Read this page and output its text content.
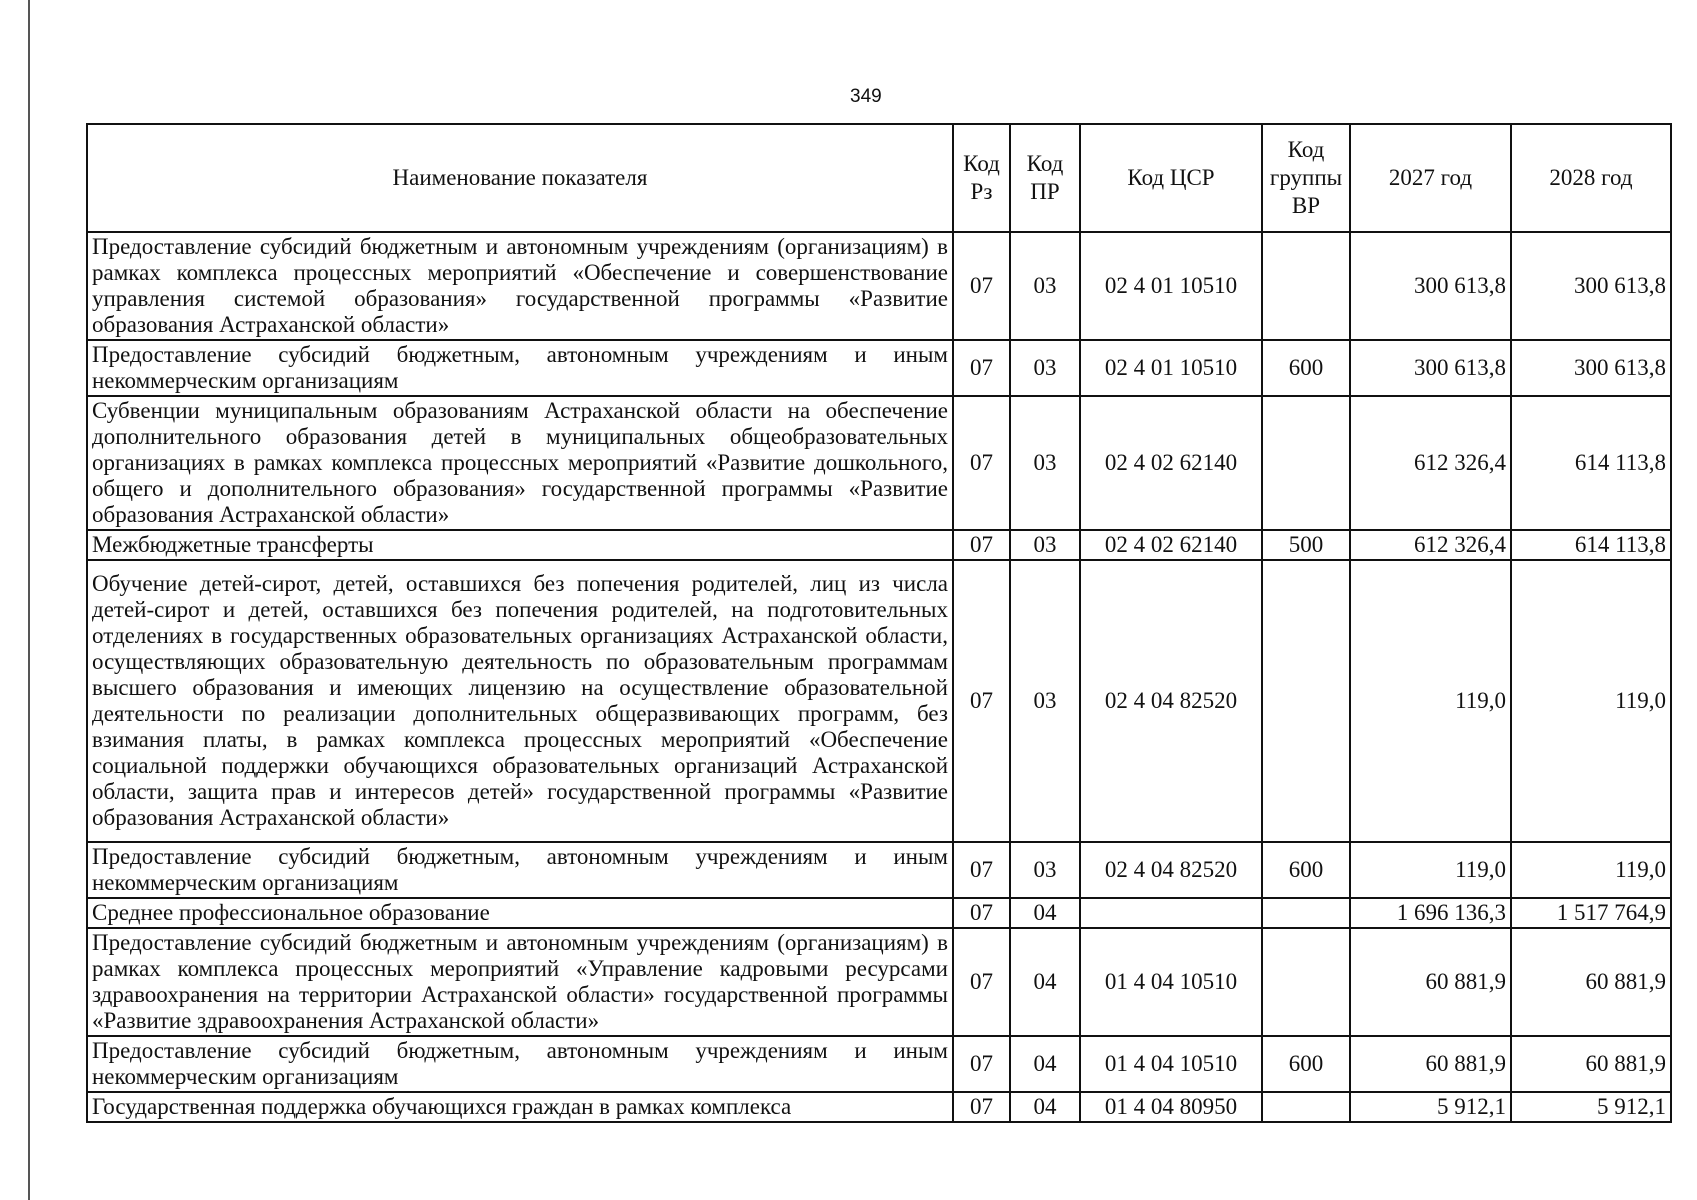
349
Наименование показателя	Код Рз	Код ПР	Код ЦСР	Код группы ВР	2027 год	2028 год
Предоставление субсидий бюджетным и автономным учреждениям (организациям) в рамках комплекса процессных мероприятий «Обеспечение и совершенствование управления системой образования» государственной программы «Развитие образования Астраханской области»	07	03	02 4 01 10510		300 613,8	300 613,8
Предоставление субсидий бюджетным, автономным учреждениям и иным некоммерческим организациям	07	03	02 4 01 10510	600	300 613,8	300 613,8
Субвенции муниципальным образованиям Астраханской области на обеспечение дополнительного образования детей в муниципальных общеобразовательных организациях в рамках комплекса процессных мероприятий «Развитие дошкольного, общего и дополнительного образования» государственной программы «Развитие образования Астраханской области»	07	03	02 4 02 62140		612 326,4	614 113,8
Межбюджетные трансферты	07	03	02 4 02 62140	500	612 326,4	614 113,8
Обучение детей-сирот, детей, оставшихся без попечения родителей, лиц из числа детей-сирот и детей, оставшихся без попечения родителей, на подготовительных отделениях в государственных образовательных организациях Астраханской области, осуществляющих образовательную деятельность по образовательным программам высшего образования и имеющих лицензию на осуществление образовательной деятельности по реализации дополнительных общеразвивающих программ, без взимания платы, в рамках комплекса процессных мероприятий «Обеспечение социальной поддержки обучающихся образовательных организаций Астраханской области, защита прав и интересов детей» государственной программы «Развитие образования Астраханской области»	07	03	02 4 04 82520		119,0	119,0
Предоставление субсидий бюджетным, автономным учреждениям и иным некоммерческим организациям	07	03	02 4 04 82520	600	119,0	119,0
Среднее профессиональное образование	07	04			1 696 136,3	1 517 764,9
Предоставление субсидий бюджетным и автономным учреждениям (организациям) в рамках комплекса процессных мероприятий «Управление кадровыми ресурсами здравоохранения на территории Астраханской области» государственной программы «Развитие здравоохранения Астраханской области»	07	04	01 4 04 10510		60 881,9	60 881,9
Предоставление субсидий бюджетным, автономным учреждениям и иным некоммерческим организациям	07	04	01 4 04 10510	600	60 881,9	60 881,9
Государственная поддержка обучающихся граждан в рамках комплекса	07	04	01 4 04 80950		5 912,1	5 912,1
